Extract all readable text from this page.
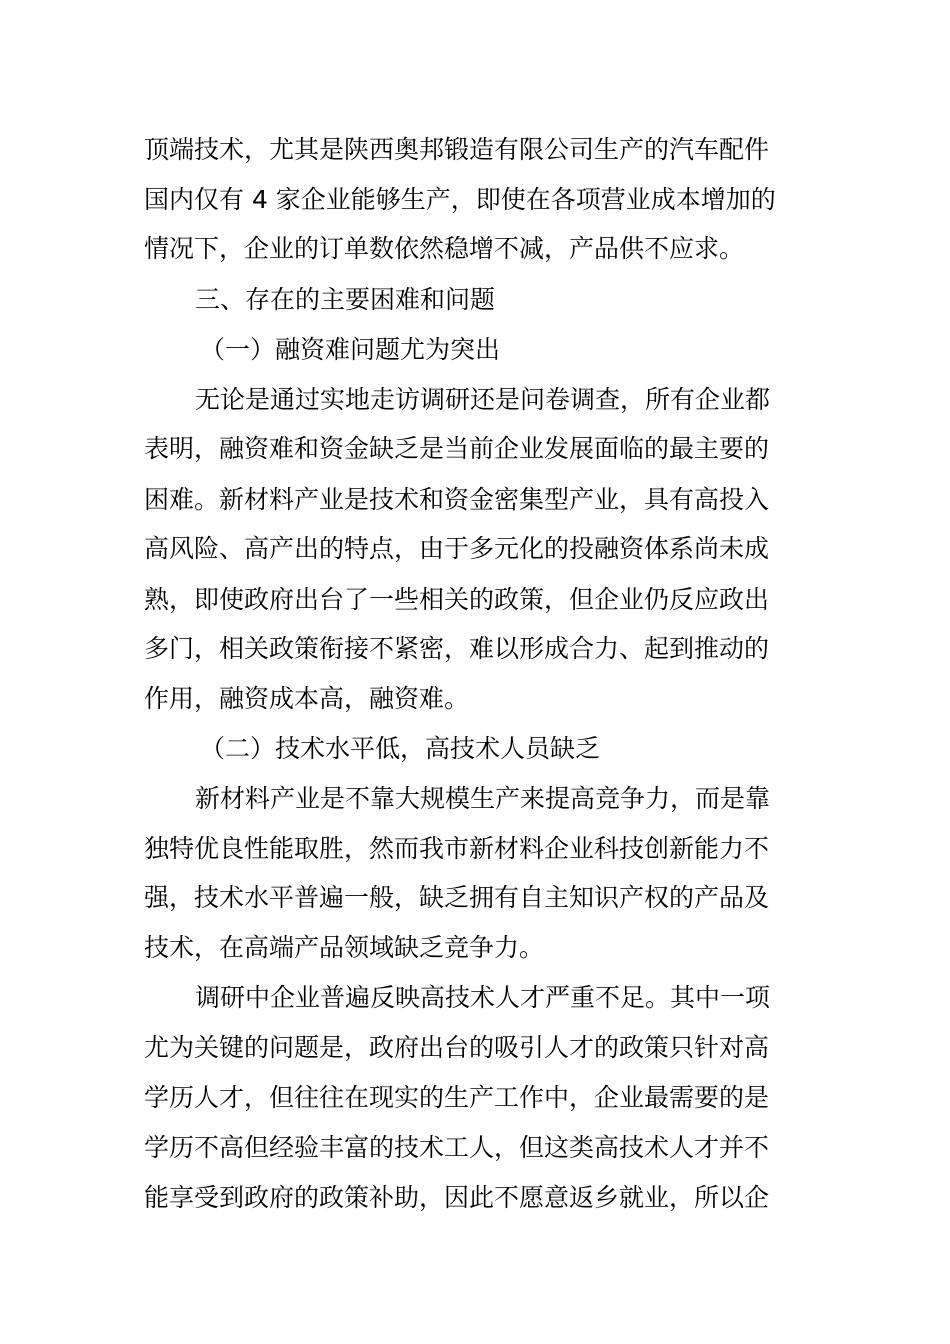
顶端技术，尤其是陕西奥邦锻造有限公司生产的汽车配件
国内仅有 4 家企业能够生产，即使在各项营业成本增加的
情况下，企业的订单数依然稳增不减，产品供不应求。
三、存在的主要困难和问题
（一）融资难问题尤为突出
无论是通过实地走访调研还是问卷调查，所有企业都
表明，融资难和资金缺乏是当前企业发展面临的最主要的
困难。新材料产业是技术和资金密集型产业，具有高投入
高风险、高产出的特点，由于多元化的投融资体系尚未成
熟，即使政府出台了一些相关的政策，但企业仍反应政出
多门，相关政策衔接不紧密，难以形成合力、起到推动的
作用，融资成本高，融资难。
（二）技术水平低，高技术人员缺乏
新材料产业是不靠大规模生产来提高竞争力，而是靠
独特优良性能取胜，然而我市新材料企业科技创新能力不
强，技术水平普遍一般，缺乏拥有自主知识产权的产品及
技术，在高端产品领域缺乏竞争力。
调研中企业普遍反映高技术人才严重不足。其中一项
尤为关键的问题是，政府出台的吸引人才的政策只针对高
学历人才，但往往在现实的生产工作中，企业最需要的是
学历不高但经验丰富的技术工人，但这类高技术人才并不
能享受到政府的政策补助，因此不愿意返乡就业，所以企
